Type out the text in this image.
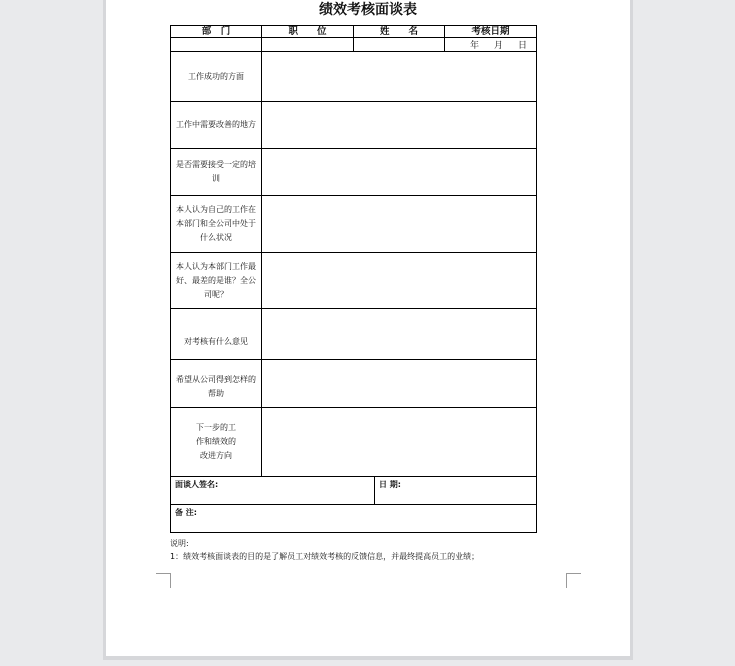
绩效考核面谈表
部　门	职　　位	姓　　名		考核日期
				年　月　日
工作成功的方面				
工作中需要改善的地方				
是否需要接受一定的培训				
本人认为自己的工作在本部门和全公司中处于什么状况				
本人认为本部门工作最好、最差的是谁？全公司呢？				
对考核有什么意见				
希望从公司得到怎样的帮助				
下一步的工作和绩效的改进方向				
面谈人签名:			日 期:	
备 注:				
说明:
1：绩效考核面谈表的目的是了解员工对绩效考核的反馈信息，并最终提高员工的业绩；
